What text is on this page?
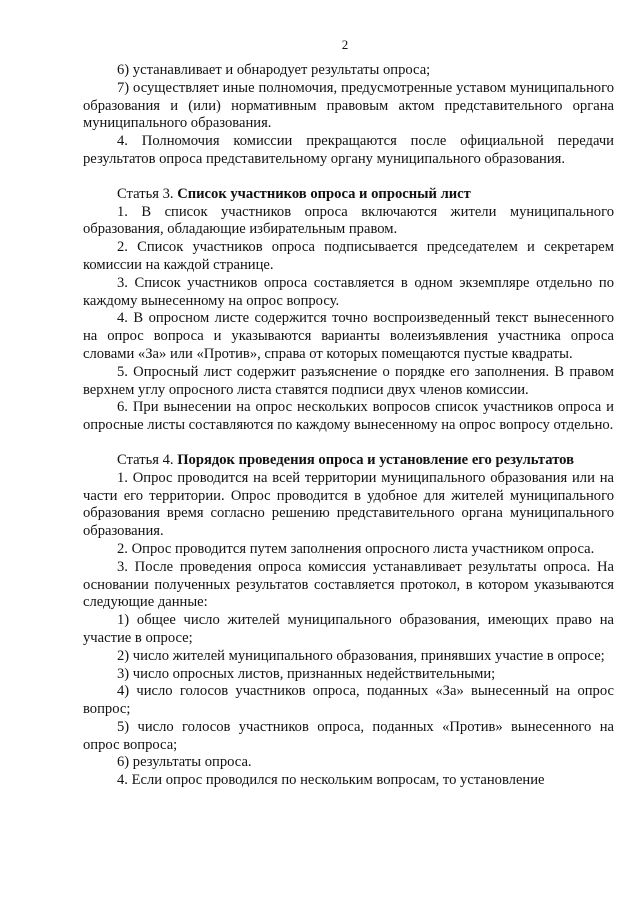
2

6) устанавливает и обнародует результаты опроса;

7) осуществляет иные полномочия, предусмотренные уставом муниципального образования и (или) нормативным правовым актом представительного органа муниципального образования.

4. Полномочия комиссии прекращаются после официальной передачи результатов опроса представительному органу муниципального образования.

Статья 3. Список участников опроса и опросный лист

1. В список участников опроса включаются жители муниципального образования, обладающие избирательным правом.

2. Список участников опроса подписывается председателем и секретарем комиссии на каждой странице.

3. Список участников опроса составляется в одном экземпляре отдельно по каждому вынесенному на опрос вопросу.

4. В опросном листе содержится точно воспроизведенный текст вынесенного на опрос вопроса и указываются варианты волеизъявления участника опроса словами «За» или «Против», справа от которых помещаются пустые квадраты.

5. Опросный лист содержит разъяснение о порядке его заполнения. В правом верхнем углу опросного листа ставятся подписи двух членов комиссии.

6. При вынесении на опрос нескольких вопросов список участников опроса и опросные листы составляются по каждому вынесенному на опрос вопросу отдельно.

Статья 4. Порядок проведения опроса и установление его результатов

1. Опрос проводится на всей территории муниципального образования или на части его территории. Опрос проводится в удобное для жителей муниципального образования время согласно решению представительного органа муниципального образования.

2. Опрос проводится путем заполнения опросного листа участником опроса.

3. После проведения опроса комиссия устанавливает результаты опроса. На основании полученных результатов составляется протокол, в котором указываются следующие данные:

1) общее число жителей муниципального образования, имеющих право на участие в опросе;

2) число жителей муниципального образования, принявших участие в опросе;

3) число опросных листов, признанных недействительными;

4) число голосов участников опроса, поданных «За» вынесенный на опрос вопрос;

5) число голосов участников опроса, поданных «Против» вынесенного на опрос вопроса;

6) результаты опроса.

4. Если опрос проводился по нескольким вопросам, то установление
